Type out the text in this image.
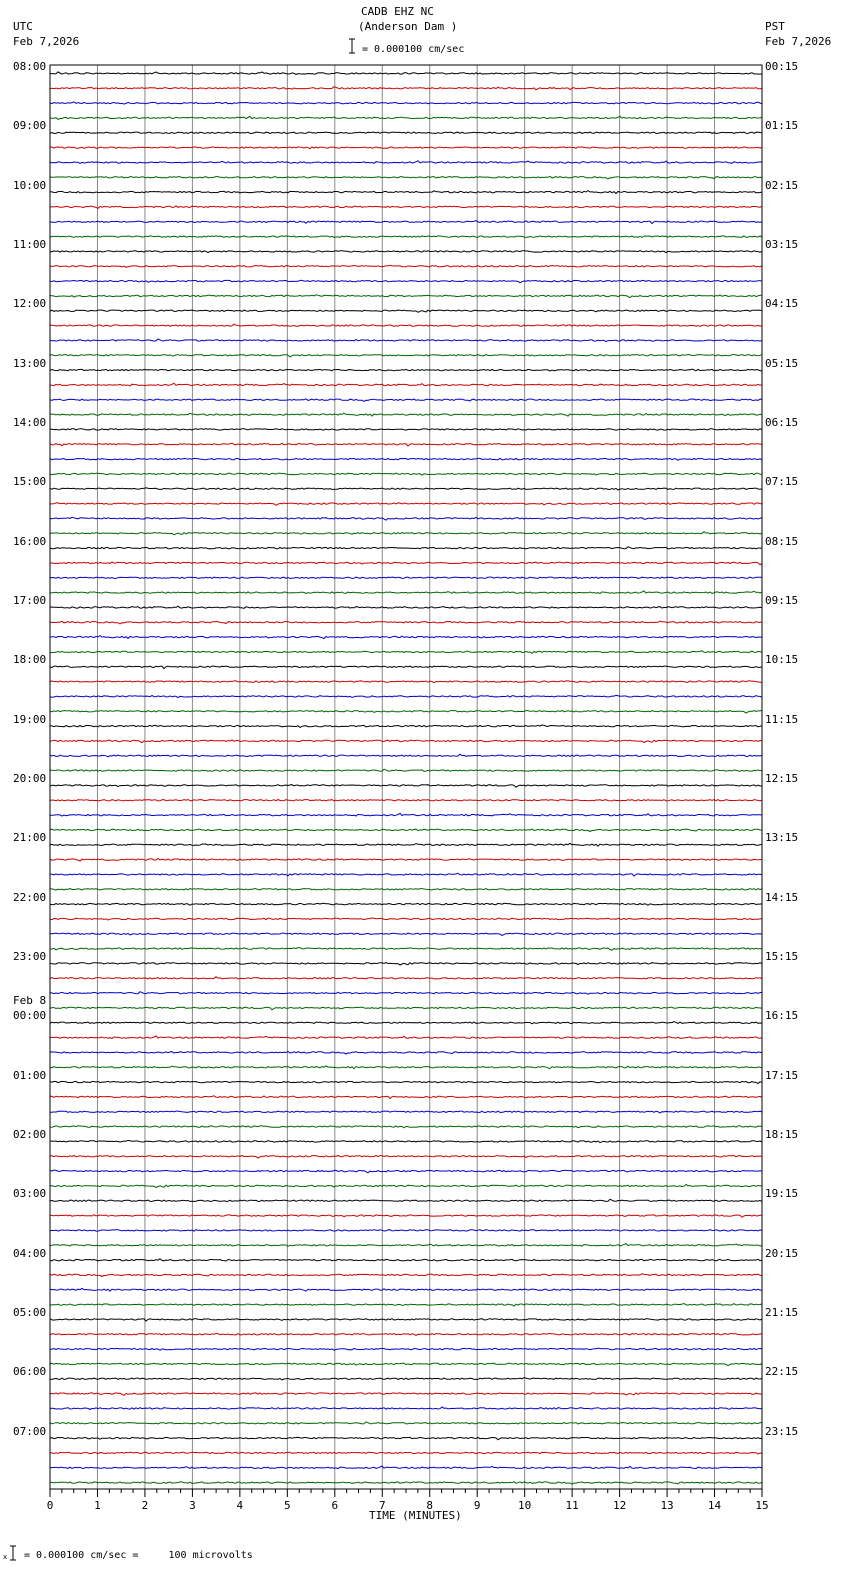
0	1	2	3	4	5	6	7	8	9	10	11	12	13	14	15
CADB EHZ NC
(Anderson Dam )
UTC
Feb 7,2026
PST
Feb 7,2026
= 0.000100 cm/sec
TIME (MINUTES)
x = 0.000100 cm/sec =     100 microvolts
08:00
09:00
10:00
11:00
12:00
13:00
14:00
15:00
16:00
17:00
18:00
19:00
20:00
21:00
22:00
23:00
00:00
Feb 8
01:00
02:00
03:00
04:00
05:00
06:00
07:00
00:15
01:15
02:15
03:15
04:15
05:15
06:15
07:15
08:15
09:15
10:15
11:15
12:15
13:15
14:15
15:15
16:15
17:15
18:15
19:15
20:15
21:15
22:15
23:15
